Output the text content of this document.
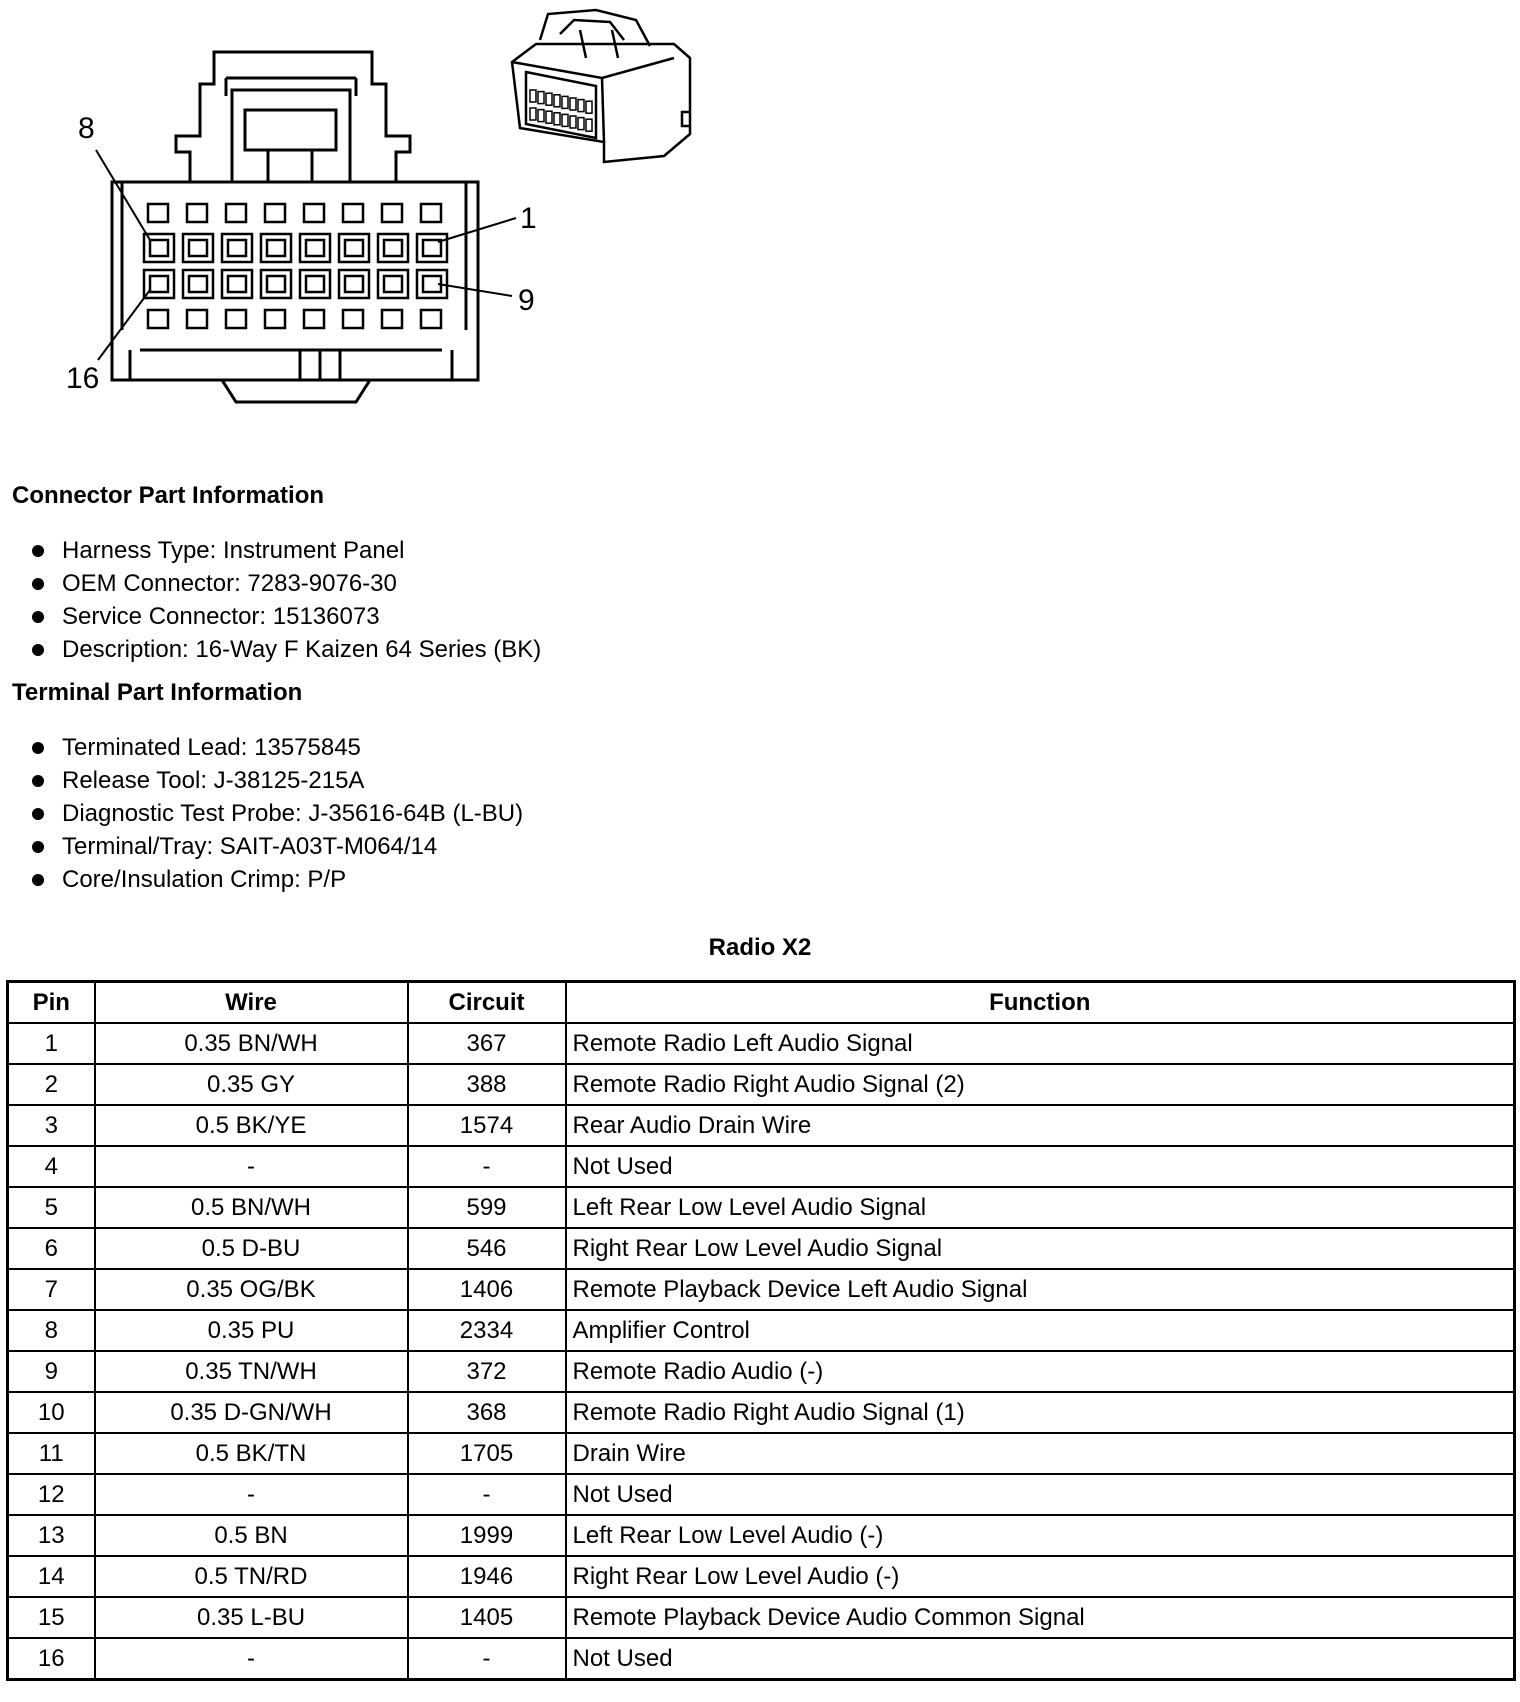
8
1
9
16
Connector Part Information
Harness Type: Instrument Panel
OEM Connector: 7283-9076-30
Service Connector: 15136073
Description: 16-Way F Kaizen 64 Series (BK)
Terminal Part Information
Terminated Lead: 13575845
Release Tool: J-38125-215A
Diagnostic Test Probe: J-35616-64B (L-BU)
Terminal/Tray: SAIT-A03T-M064/14
Core/Insulation Crimp: P/P
Radio X2
Pin	Wire	Circuit	Function
1	0.35 BN/WH	367	Remote Radio Left Audio Signal
2	0.35 GY	388	Remote Radio Right Audio Signal (2)
3	0.5 BK/YE	1574	Rear Audio Drain Wire
4	-	-	Not Used
5	0.5 BN/WH	599	Left Rear Low Level Audio Signal
6	0.5 D-BU	546	Right Rear Low Level Audio Signal
7	0.35 OG/BK	1406	Remote Playback Device Left Audio Signal
8	0.35 PU	2334	Amplifier Control
9	0.35 TN/WH	372	Remote Radio Audio (-)
10	0.35 D-GN/WH	368	Remote Radio Right Audio Signal (1)
11	0.5 BK/TN	1705	Drain Wire
12	-	-	Not Used
13	0.5 BN	1999	Left Rear Low Level Audio (-)
14	0.5 TN/RD	1946	Right Rear Low Level Audio (-)
15	0.35 L-BU	1405	Remote Playback Device Audio Common Signal
16	-	-	Not Used
